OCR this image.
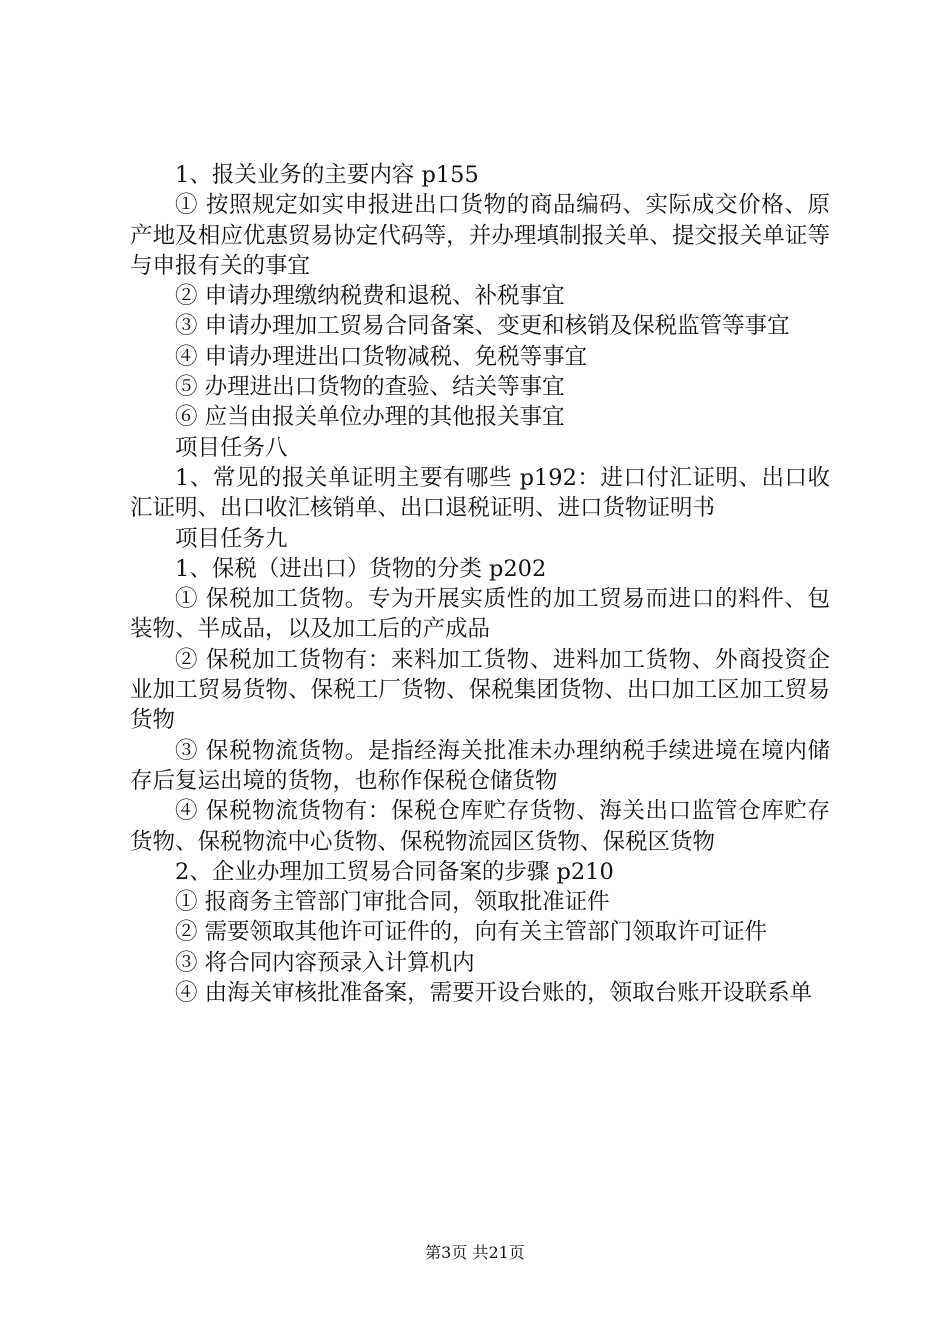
1、报关业务的主要内容 p155

① 按照规定如实申报进出口货物的商品编码、实际成交价格、原产地及相应优惠贸易协定代码等，并办理填制报关单、提交报关单证等与申报有关的事宜

② 申请办理缴纳税费和退税、补税事宜

③ 申请办理加工贸易合同备案、变更和核销及保税监管等事宜

④ 申请办理进出口货物减税、免税等事宜

⑤ 办理进出口货物的查验、结关等事宜

⑥ 应当由报关单位办理的其他报关事宜

项目任务八

1、常见的报关单证明主要有哪些 p192：进口付汇证明、出口收汇证明、出口收汇核销单、出口退税证明、进口货物证明书

项目任务九

1、保税（进出口）货物的分类 p202

① 保税加工货物。专为开展实质性的加工贸易而进口的料件、包装物、半成品，以及加工后的产成品

② 保税加工货物有：来料加工货物、进料加工货物、外商投资企业加工贸易货物、保税工厂货物、保税集团货物、出口加工区加工贸易货物

③ 保税物流货物。是指经海关批准未办理纳税手续进境在境内储存后复运出境的货物，也称作保税仓储货物

④ 保税物流货物有：保税仓库贮存货物、海关出口监管仓库贮存货物、保税物流中心货物、保税物流园区货物、保税区货物

2、企业办理加工贸易合同备案的步骤 p210

① 报商务主管部门审批合同，领取批准证件

② 需要领取其他许可证件的，向有关主管部门领取许可证件

③ 将合同内容预录入计算机内

④ 由海关审核批准备案，需要开设台账的，领取台账开设联系单

第3页 共21页
